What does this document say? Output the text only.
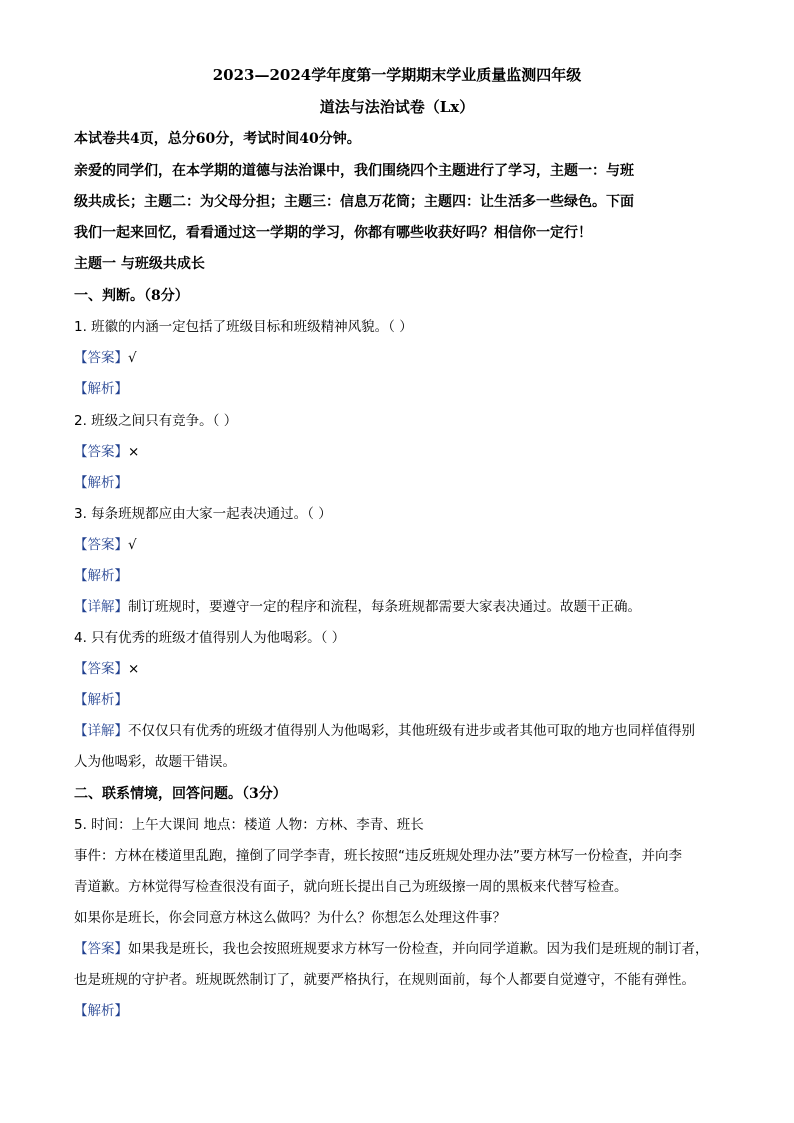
2023—2024学年度第一学期期末学业质量监测四年级
道法与法治试卷（Lx）
本试卷共4页，总分60分，考试时间40分钟。
亲爱的同学们，在本学期的道德与法治课中，我们围绕四个主题进行了学习，主题一：与班
级共成长；主题二：为父母分担；主题三：信息万花筒；主题四：让生活多一些绿色。下面
我们一起来回忆，看看通过这一学期的学习，你都有哪些收获好吗？相信你一定行！
主题一 与班级共成长
一、判断。（8分）
1. 班徽的内涵一定包括了班级目标和班级精神风貌。（ ）
【答案】√
【解析】
2. 班级之间只有竞争。（ ）
【答案】×
【解析】
3. 每条班规都应由大家一起表决通过。（ ）
【答案】√
【解析】
【详解】制订班规时，要遵守一定的程序和流程，每条班规都需要大家表决通过。故题干正确。
4. 只有优秀的班级才值得别人为他喝彩。（ ）
【答案】×
【解析】
【详解】不仅仅只有优秀的班级才值得别人为他喝彩，其他班级有进步或者其他可取的地方也同样值得别
人为他喝彩，故题干错误。
二、联系情境，回答问题。（3分）
5. 时间：上午大课间 地点：楼道 人物：方林、李青、班长
事件：方林在楼道里乱跑，撞倒了同学李青，班长按照“违反班规处理办法”要方林写一份检查，并向李
青道歉。方林觉得写检查很没有面子，就向班长提出自己为班级擦一周的黑板来代替写检查。
如果你是班长，你会同意方林这么做吗？为什么？你想怎么处理这件事？
【答案】如果我是班长，我也会按照班规要求方林写一份检查，并向同学道歉。因为我们是班规的制订者，
也是班规的守护者。班规既然制订了，就要严格执行，在规则面前，每个人都要自觉遵守，不能有弹性。
【解析】
